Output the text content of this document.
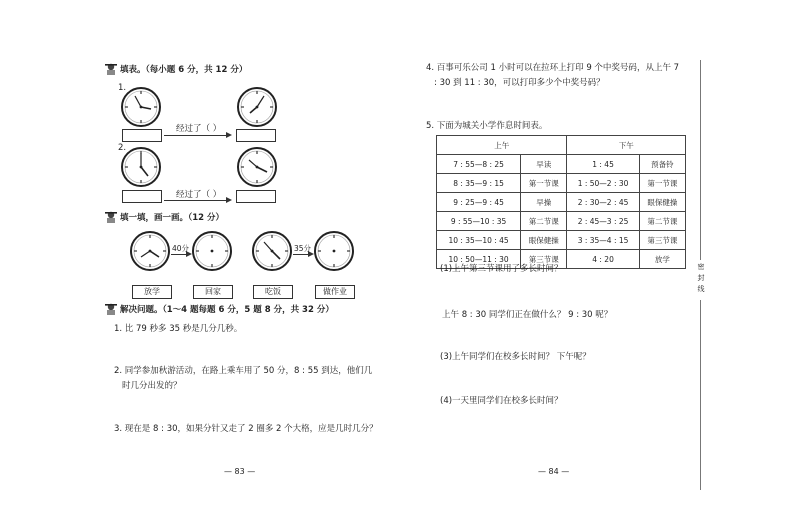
填表。（每小题 6 分，共 12 分）
1.
经过了（ ）
2.
经过了（ ）
填一填，画一画。（12 分）
40分	35分
放学	回家	吃饭	做作业
解决问题。（1～4 题每题 6 分，5 题 8 分，共 32 分）
1. 比 79 秒多 35 秒是几分几秒。
2. 同学参加秋游活动，在路上乘车用了 50 分，8 : 55 到达，他们几
时几分出发的？
3. 现在是 8 : 30，如果分针又走了 2 圈多 2 个大格，应是几时几分？
— 83 —
4. 百事可乐公司 1 小时可以在拉环上打印 9 个中奖号码，从上午 7
: 30 到 11 : 30，可以打印多少个中奖号码？
5. 下面为城关小学作息时间表。
上午		下午	
7 : 55—8 : 25	早读	1 : 45	预备铃
8 : 35—9 : 15	第一节课	1 : 50—2 : 30	第一节课
9 : 25—9 : 45	早操	2 : 30—2 : 45	眼保健操
9 : 55—10 : 35	第二节课	2 : 45—3 : 25	第二节课
10 : 35—10 : 45	眼保健操	3 : 35—4 : 15	第三节课
10 : 50—11 : 30	第三节课	4 : 20	放学
(1)上午第三节课用了多长时间？
上午 8 : 30 同学们正在做什么？ 9 : 30 呢？
(3)上午同学们在校多长时间？ 下午呢？
(4)一天里同学们在校多长时间？
— 84 —
密 封 线
